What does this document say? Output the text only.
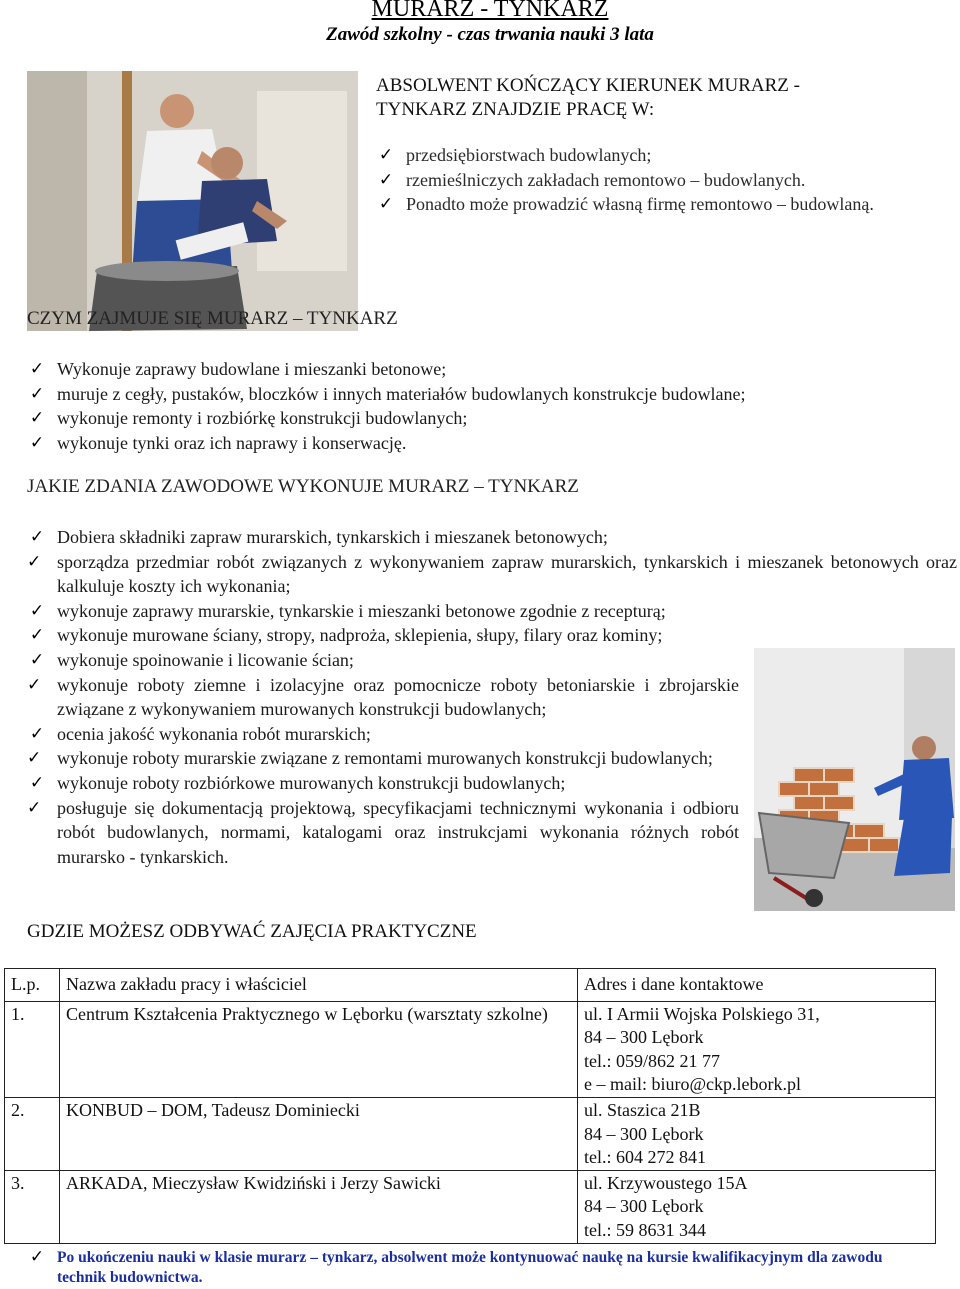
MURARZ - TYNKARZ
Zawód szkolny - czas trwania nauki 3 lata
ABSOLWENT KOŃCZĄCY KIERUNEK MURARZ -
TYNKARZ ZNAJDZIE PRACĘ W:
✓ przedsiębiorstwach budowlanych;
✓ rzemieślniczych zakładach remontowo – budowlanych.
✓ Ponadto może prowadzić własną firmę remontowo – budowlaną.
CZYM ZAJMUJE SIĘ MURARZ – TYNKARZ
✓ Wykonuje zaprawy budowlane i mieszanki betonowe;
✓ muruje z cegły, pustaków, bloczków i innych materiałów budowlanych konstrukcje budowlane;
✓ wykonuje remonty i rozbiórkę konstrukcji budowlanych;
✓ wykonuje tynki oraz ich naprawy i konserwację.
JAKIE ZDANIA ZAWODOWE WYKONUJE MURARZ – TYNKARZ
✓ Dobiera składniki zapraw murarskich, tynkarskich i mieszanek betonowych;
✓ sporządza przedmiar robót związanych z wykonywaniem zapraw murarskich, tynkarskich i mieszanek betonowych oraz kalkuluje koszty ich wykonania;
✓ wykonuje zaprawy murarskie, tynkarskie i mieszanki betonowe zgodnie z recepturą;
✓ wykonuje murowane ściany, stropy, nadproża, sklepienia, słupy, filary oraz kominy;
✓ wykonuje spoinowanie i licowanie ścian;
✓ wykonuje roboty ziemne i izolacyjne oraz pomocnicze roboty betoniarskie i zbrojarskie związane z wykonywaniem murowanych konstrukcji budowlanych;
✓ ocenia jakość wykonania robót murarskich;
✓ wykonuje roboty murarskie związane z remontami murowanych konstrukcji budowlanych;
✓ wykonuje roboty rozbiórkowe murowanych konstrukcji budowlanych;
✓ posługuje się dokumentacją projektową, specyfikacjami technicznymi wykonania i odbioru robót budowlanych, normami, katalogami oraz instrukcjami wykonania różnych robót murarsko - tynkarskich.
GDZIE MOŻESZ ODBYWAĆ ZAJĘCIA PRAKTYCZNE
L.p.	Nazwa zakładu pracy i właściciel	Adres i dane kontaktowe
1.	Centrum Kształcenia Praktycznego w Lęborku (warsztaty szkolne)	ul. I Armii Wojska Polskiego 31,
84 – 300 Lębork
tel.: 059/862 21 77
e – mail: biuro@ckp.lebork.pl

2.	KONBUD – DOM, Tadeusz Dominiecki	ul. Staszica 21B
84 – 300 Lębork
tel.: 604 272 841

3.	ARKADA, Mieczysław Kwidziński i Jerzy Sawicki	ul. Krzywoustego 15A
84 – 300 Lębork
tel.: 59 8631 344
✓ Po ukończeniu nauki w klasie murarz – tynkarz, absolwent może kontynuować naukę na kursie kwalifikacyjnym dla zawodu technik budownictwa.
